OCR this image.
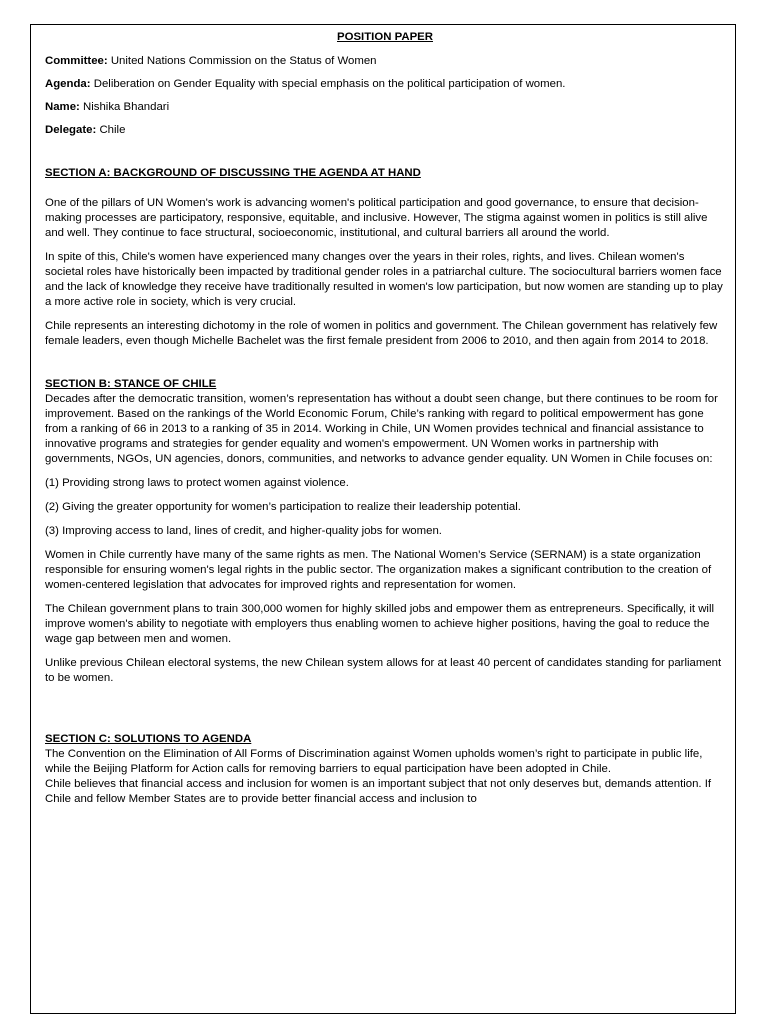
POSITION PAPER

Committee: United Nations Commission on the Status of Women

Agenda: Deliberation on Gender Equality with special emphasis on the political participation of women.

Name: Nishika Bhandari

Delegate: Chile

SECTION A: BACKGROUND OF DISCUSSING THE AGENDA AT HAND

One of the pillars of UN Women's work is advancing women's political participation and good governance, to ensure that decision-making processes are participatory, responsive, equitable, and inclusive. However, The stigma against women in politics is still alive and well. They continue to face structural, socioeconomic, institutional, and cultural barriers all around the world.

In spite of this, Chile's women have experienced many changes over the years in their roles, rights, and lives. Chilean women's societal roles have historically been impacted by traditional gender roles in a patriarchal culture. The sociocultural barriers women face and the lack of knowledge they receive have traditionally resulted in women's low participation, but now women are standing up to play a more active role in society, which is very crucial.

Chile represents an interesting dichotomy in the role of women in politics and government. The Chilean government has relatively few female leaders, even though Michelle Bachelet was the first female president from 2006 to 2010, and then again from 2014 to 2018.

SECTION B: STANCE OF CHILE

Decades after the democratic transition, women’s representation has without a doubt seen change, but there continues to be room for improvement. Based on the rankings of the World Economic Forum, Chile’s ranking with regard to political empowerment has gone from a ranking of 66 in 2013 to a ranking of 35 in 2014. Working in Chile, UN Women provides technical and financial assistance to innovative programs and strategies for gender equality and women's empowerment. UN Women works in partnership with governments, NGOs, UN agencies, donors, communities, and networks to advance gender equality. UN Women in Chile focuses on:

(1) Providing strong laws to protect women against violence.

(2) Giving the greater opportunity for women’s participation to realize their leadership potential.

(3) Improving access to land, lines of credit, and higher-quality jobs for women.

Women in Chile currently have many of the same rights as men. The National Women’s Service (SERNAM) is a state organization responsible for ensuring women's legal rights in the public sector. The organization makes a significant contribution to the creation of women-centered legislation that advocates for improved rights and representation for women.

The Chilean government plans to train 300,000 women for highly skilled jobs and empower them as entrepreneurs. Specifically, it will improve women's ability to negotiate with employers thus enabling women to achieve higher positions, having the goal to reduce the wage gap between men and women.

Unlike previous Chilean electoral systems, the new Chilean system allows for at least 40 percent of candidates standing for parliament to be women.

SECTION C: SOLUTIONS TO AGENDA

The Convention on the Elimination of All Forms of Discrimination against Women upholds women’s right to participate in public life, while the Beijing Platform for Action calls for removing barriers to equal participation have been adopted in Chile.

Chile believes that financial access and inclusion for women is an important subject that not only deserves but, demands attention. If Chile and fellow Member States are to provide better financial access and inclusion to
